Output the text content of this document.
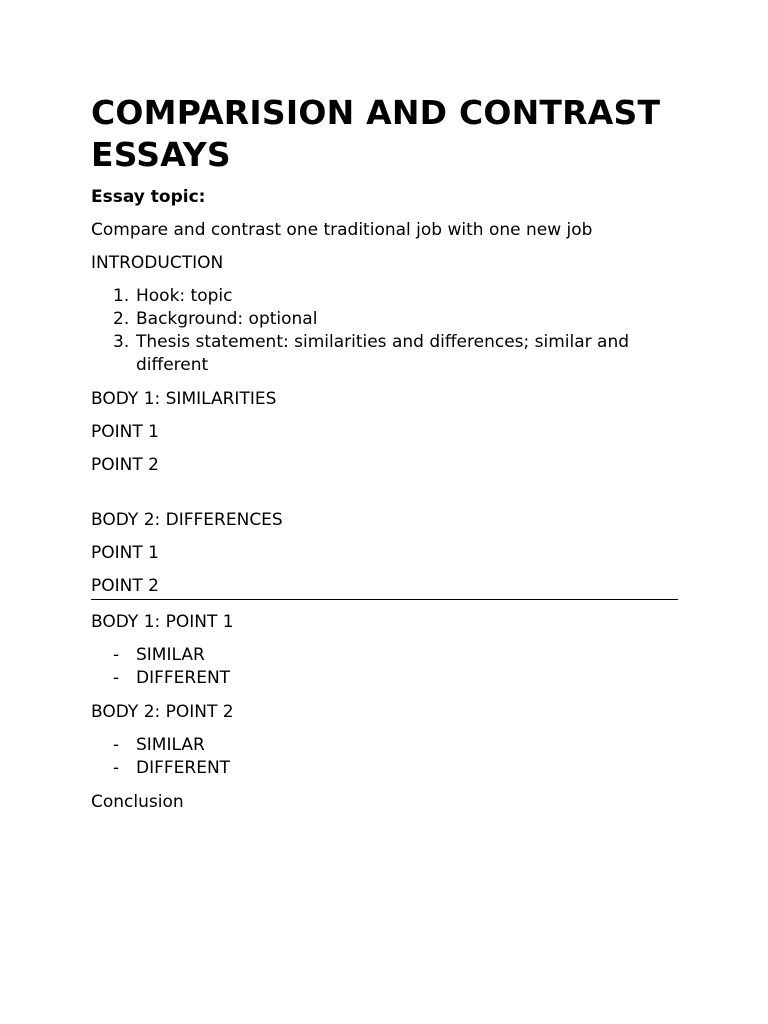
COMPARISION AND CONTRAST ESSAYS
Essay topic:
Compare and contrast one traditional job with one new job
INTRODUCTION
1. Hook: topic
2. Background: optional
3. Thesis statement: similarities and differences; similar and different
BODY 1: SIMILARITIES
POINT 1
POINT 2
BODY 2: DIFFERENCES
POINT 1
POINT 2
BODY 1: POINT 1
- SIMILAR
- DIFFERENT
BODY 2: POINT 2
- SIMILAR
- DIFFERENT
Conclusion
